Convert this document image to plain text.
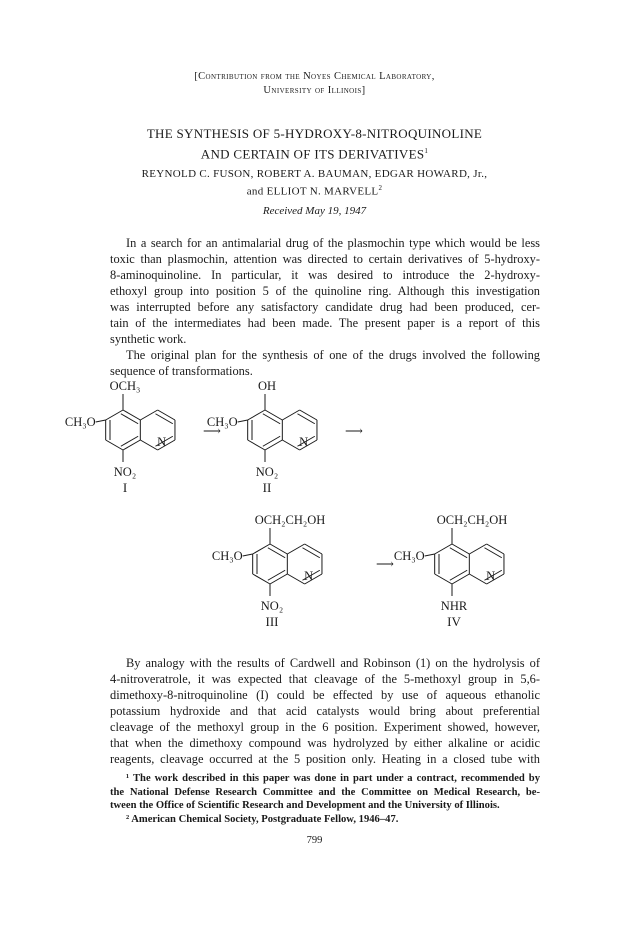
[Contribution from the Noyes Chemical Laboratory,
University of Illinois]
THE SYNTHESIS OF 5-HYDROXY-8-NITROQUINOLINE
AND CERTAIN OF ITS DERIVATIVES$^1$
REYNOLD C. FUSON, ROBERT A. BAUMAN, EDGAR HOWARD, Jr.,
and ELLIOT N. MARVELL$^2$
Received May 19, 1947
In a search for an antimalarial drug of the plasmochin type which would be less
toxic than plasmochin, attention was directed to certain derivatives of 5-hydroxy-
8-aminoquinoline. In particular, it was desired to introduce the 2-hydroxy-
ethoxyl group into position 5 of the quinoline ring. Although this investigation
was interrupted before any satisfactory candidate drug had been produced, cer-
tain of the intermediates had been made. The present paper is a report of this
synthetic work.
The original plan for the synthesis of one of the drugs involved the following
sequence of transformations.
OCH₃
CH₃O
NO₂
N
I
OH
CH₃O
NO₂
N
II
OCH₂CH₂OH
CH₃O
NO₂
N
III
OCH₂CH₂OH
CH₃O
NHR
N
IV
⟶	⟶
⟶
By analogy with the results of Cardwell and Robinson (1) on the hydrolysis of
4-nitroveratrole, it was expected that cleavage of the 5-methoxyl group in 5,6-
dimethoxy-8-nitroquinoline (I) could be effected by use of aqueous ethanolic
potassium hydroxide and that acid catalysts would bring about preferential
cleavage of the methoxyl group in the 6 position. Experiment showed, however,
that when the dimethoxy compound was hydrolyzed by either alkaline or acidic
reagents, cleavage occurred at the 5 position only. Heating in a closed tube with
¹ The work described in this paper was done in part under a contract, recommended by
the National Defense Research Committee and the Committee on Medical Research, be-
tween the Office of Scientific Research and Development and the University of Illinois.
² American Chemical Society, Postgraduate Fellow, 1946–47.
799
